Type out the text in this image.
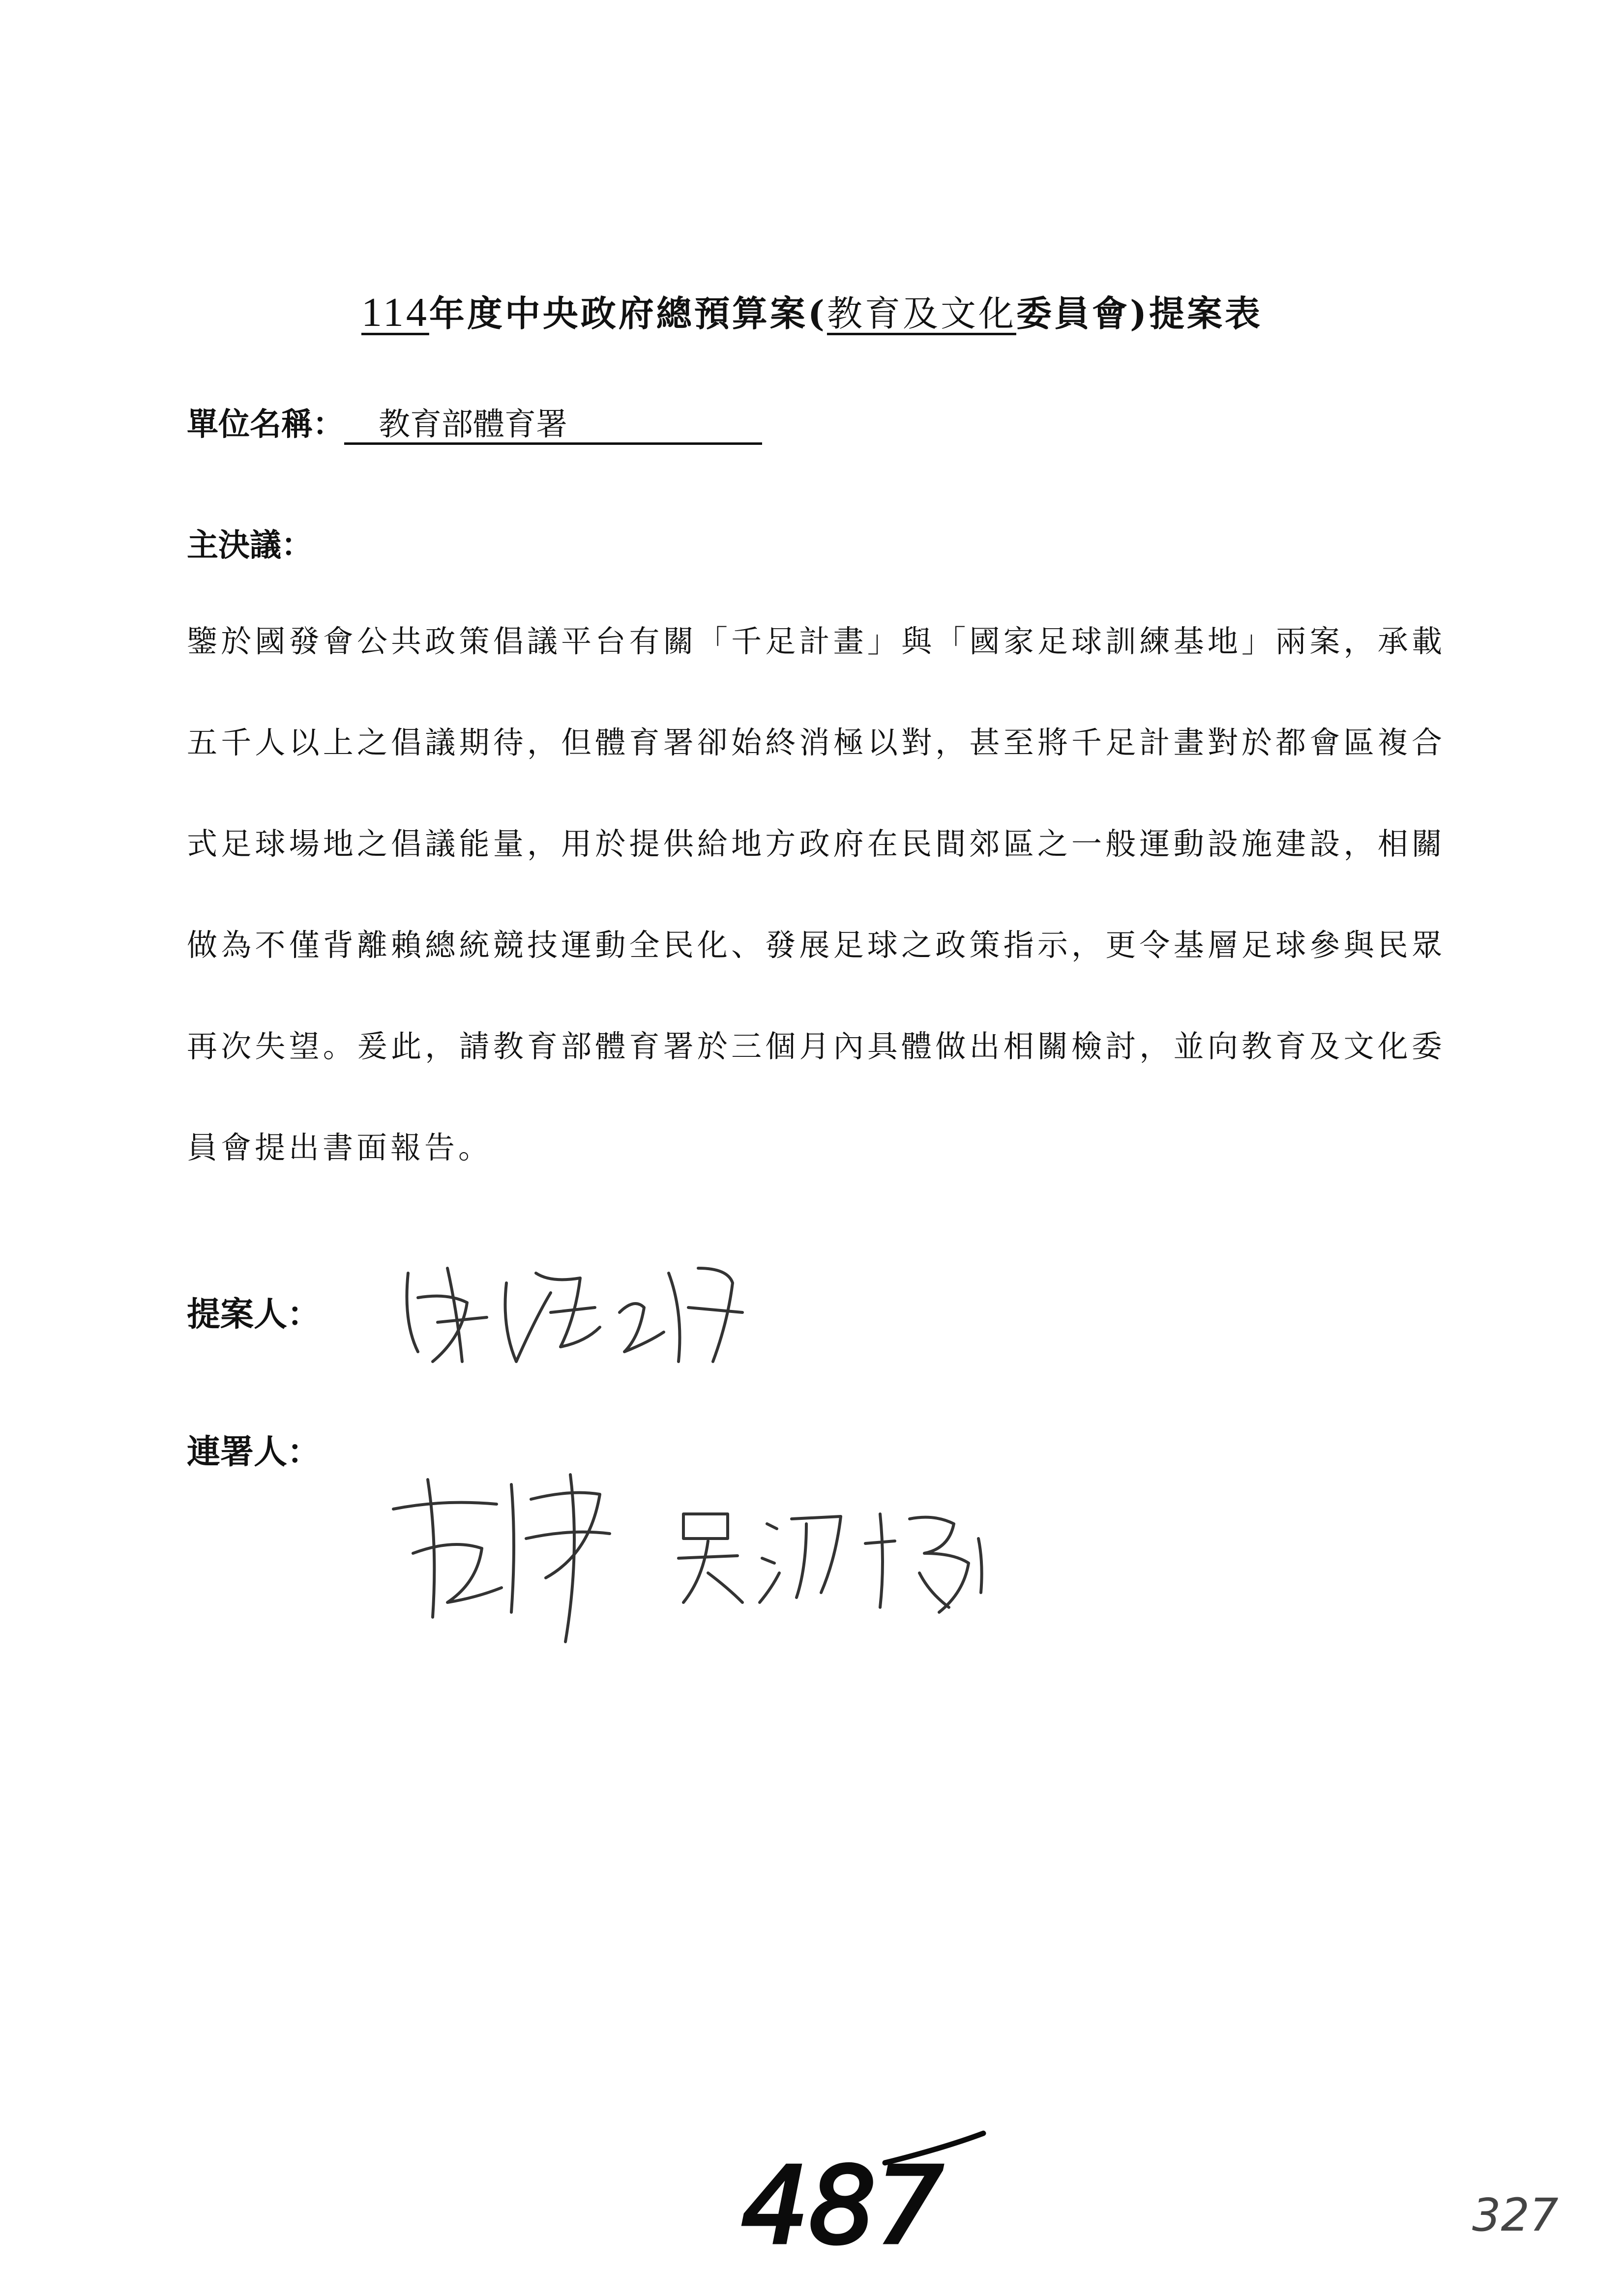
114年度中央政府總預算案(教育及文化委員會)提案表
單位名稱： 教育部體育署
主決議：

鑒於國發會公共政策倡議平台有關「千足計畫」與「國家足球訓練基地」兩案，承載五千人以上之倡議期待，但體育署卻始終消極以對，甚至將千足計畫對於都會區複合式足球場地之倡議能量，用於提供給地方政府在民間郊區之一般運動設施建設，相關做為不僅背離賴總統競技運動全民化、發展足球之政策指示，更令基層足球參與民眾再次失望。爰此，請教育部體育署於三個月內具體做出相關檢討，並向教育及文化委員會提出書面報告。

提案人：
連署人：
487	327
